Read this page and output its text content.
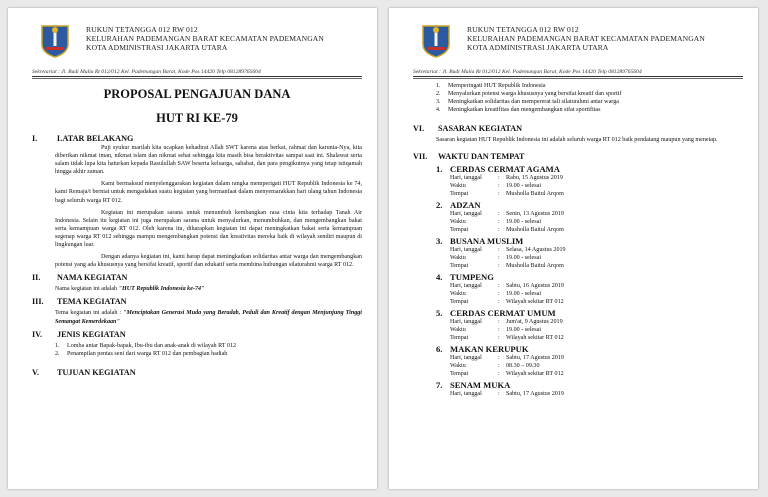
RUKUN TETANGGA 012 RW 012
KELURAHAN PADEMANGAN BARAT KECAMATAN PADEMANGAN
KOTA ADMINISTRASI JAKARTA UTARA
Sekretariat : Jl. Budi Mulia Rt 012/012 Kel. Pademangan Barat, Kode Pos 14420 Telp 081289765604
PROPOSAL PENGAJUAN DANA
HUT RI KE-79
I.	LATAR BELAKANG
Puji syukur marilah kita ucapkan kehadirat Allah SWT karena atas berkat, rahmat dan karunia-Nya, kita diberikan nikmat iman, nikmat islam dan nikmat sehat sehingga kita masih bisa beraktivitas sampai saat ini. Shalawat serta salam tidak lupa kita haturkan kepada Rasulullah SAW beserta keluarga, sahabat, dan para pengikutnya yang tetap istiqamah hingga akhir zaman.
Kami bermaksud menyelenggarakan kegiatan dalam rangka memperigati HUT Republik Indonesia ke 74, kami Remaja/i berniat untuk mengadakan suatu kegiatan yang bermanfaat dalam menyemarakkan hari ulang tahun Indonesia bagi seluruh warga RT 012.
Kegiatan ini merupakan sarana untuk menumbuh kembangkan rasa cinta kita terhadap Tanah Air Indonesia. Selain itu kegiatan ini juga merupakan sarana untuk menyalurkan, menumbuhkan, dan mengembangkan bakat serta kemampuan warga RT 012. Oleh karena itu, diharapkan kegiatan ini dapat meningkatkan bakat serta kemampuan segenap warga RT 012 sehingga mampu mengembangkan potensi dan kreativitas mereka baik di wilayah sendiri maupun di lingkungan luar.
Dengan adanya kegiatan ini, kami harap dapat meningkatkan solidaritas antar warga dan mengembangkan potensi yang ada khususnya yang bersifat kreatif, sportif dan edukatif serta membina hubungan silaturahmi warga RT 012.
II.	NAMA KEGIATAN
Nama kegiatan ini adalah "HUT Republik Indonesia ke-74"
III.	TEMA KEGIATAN
Tema kegiatan ini adalah : "Menciptakan Generasi Muda yang Beradab, Peduli dan Kreatif dengan Menjunjung Tinggi Semangat Kemerdekaan"
IV.	JENIS KEGIATAN
1.	Lomba antar Bapak-bapak, Ibu-ibu dan anak-anak di wilayah RT 012
2.	Penampilan pentas seni dari warga RT 012 dan pembagian hadiah
V.	TUJUAN KEGIATAN
RUKUN TETANGGA 012 RW 012
KELURAHAN PADEMANGAN BARAT KECAMATAN PADEMANGAN
KOTA ADMINISTRASI JAKARTA UTARA
Sekretariat : Jl. Budi Mulia Rt 012/012 Kel. Pademangan Barat, Kode Pos 14420 Telp 081289765604
1.	Memperingati HUT Republik Indonesia
2.	Menyalurkan potensi warga khususnya yang bersifat kreatif dan sportif
3.	Meningkatkan solidaritas dan mempererat tali silaturahmi antar warga
4.	Meningkatkan kreatifitas dan mengembangkan sifat sportifitas
VI.	SASARAN KEGIATAN
Sasaran kegiatan HUT Republik Indonesia ini adalah seluruh warga RT 012 baik pendatang maupun yang menetap.
VII.	WAKTU DAN TEMPAT
1. CERDAS CERMAT AGAMA
Hari, tanggal	:	Rabu, 15 Agustus 2019
Waktu	:	19.00 - selesai
Tempat	:	Musholla Baitul Arqom
2. ADZAN
Hari, tanggal	:	Senin, 13 Agustus 2019
Waktu	:	19.00 - selesai
Tempat	:	Musholla Baitul Arqom
3. BUSANA MUSLIM
Hari, tanggal	:	Selasa, 14 Agustus 2019
Waktu	:	19.00 - selesai
Tempat	:	Musholla Baitul Arqom
4. TUMPENG
Hari, tanggal	:	Sabtu, 16 Agustus 2019
Waktu	:	19.00 - selesai
Tempat	:	Wilayah sekitar RT 012
5. CERDAS CERMAT UMUM
Hari, tanggal	:	Jum'at, 9 Agustus 2019
Waktu	:	19.00 - selesai
Tempat	:	Wilayah sekitar RT 012
6. MAKAN KERUPUK
Hari, tanggal	:	Sabtu, 17 Agustus 2019
Waktu	:	08.30 – 09.30
Tempat	:	Wilayah sekitar RT 012
7. SENAM MUKA
Hari, tanggal	:	Sabtu, 17 Agustus 2019
